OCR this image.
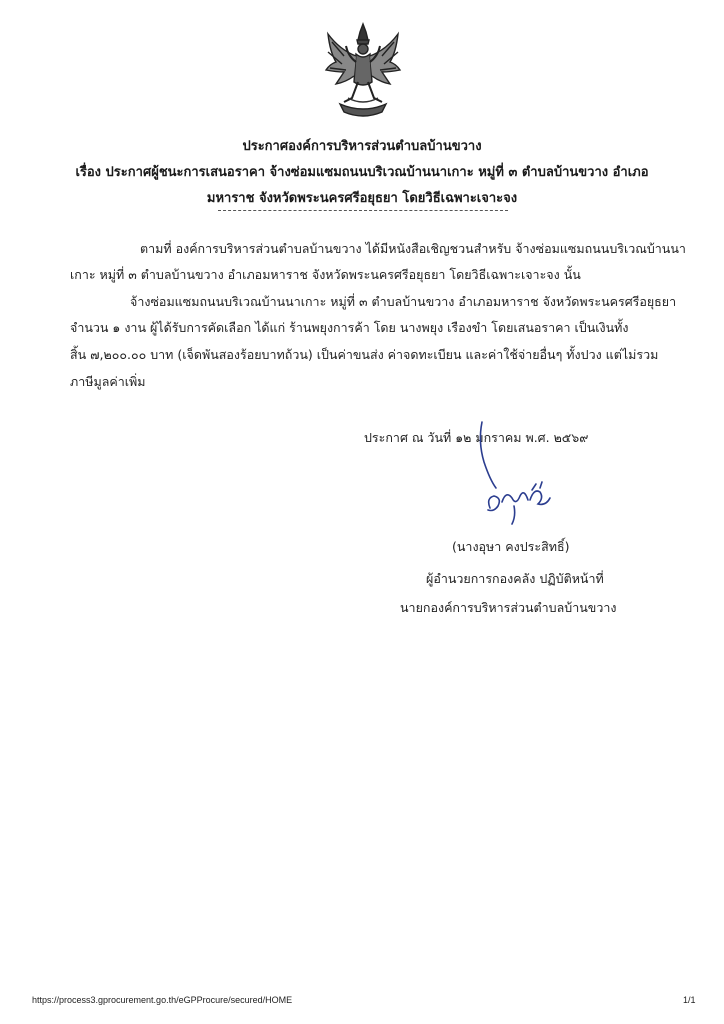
ประกาศองค์การบริหารส่วนตำบลบ้านขวาง
เรื่อง ประกาศผู้ชนะการเสนอราคา จ้างซ่อมแซมถนนบริเวณบ้านนาเกาะ หมู่ที่ ๓ ตำบลบ้านขวาง อำเภอ
มหาราช จังหวัดพระนครศรีอยุธยา โดยวิธีเฉพาะเจาะจง
ตามที่ องค์การบริหารส่วนตำบลบ้านขวาง ได้มีหนังสือเชิญชวนสำหรับ จ้างซ่อมแซมถนนบริเวณบ้านนา
เกาะ หมู่ที่ ๓ ตำบลบ้านขวาง อำเภอมหาราช จังหวัดพระนครศรีอยุธยา โดยวิธีเฉพาะเจาะจง นั้น
จ้างซ่อมแซมถนนบริเวณบ้านนาเกาะ หมู่ที่ ๓ ตำบลบ้านขวาง อำเภอมหาราช จังหวัดพระนครศรีอยุธยา
จำนวน ๑ งาน ผู้ได้รับการคัดเลือก ได้แก่ ร้านพยุงการค้า โดย นางพยุง เรืองขำ โดยเสนอราคา เป็นเงินทั้ง
สิ้น ๗,๒๐๐.๐๐ บาท (เจ็ดพันสองร้อยบาทถ้วน) เป็นค่าขนส่ง ค่าจดทะเบียน และค่าใช้จ่ายอื่นๆ ทั้งปวง แต่ไม่รวม
ภาษีมูลค่าเพิ่ม
ประกาศ ณ วันที่ ๑๒ มกราคม พ.ศ. ๒๕๖๙
(นางอุษา คงประสิทธิ์)
ผู้อำนวยการกองคลัง ปฏิบัติหน้าที่
นายกองค์การบริหารส่วนตำบลบ้านขวาง
https://process3.gprocurement.go.th/eGPProcure/secured/HOME	1/1
